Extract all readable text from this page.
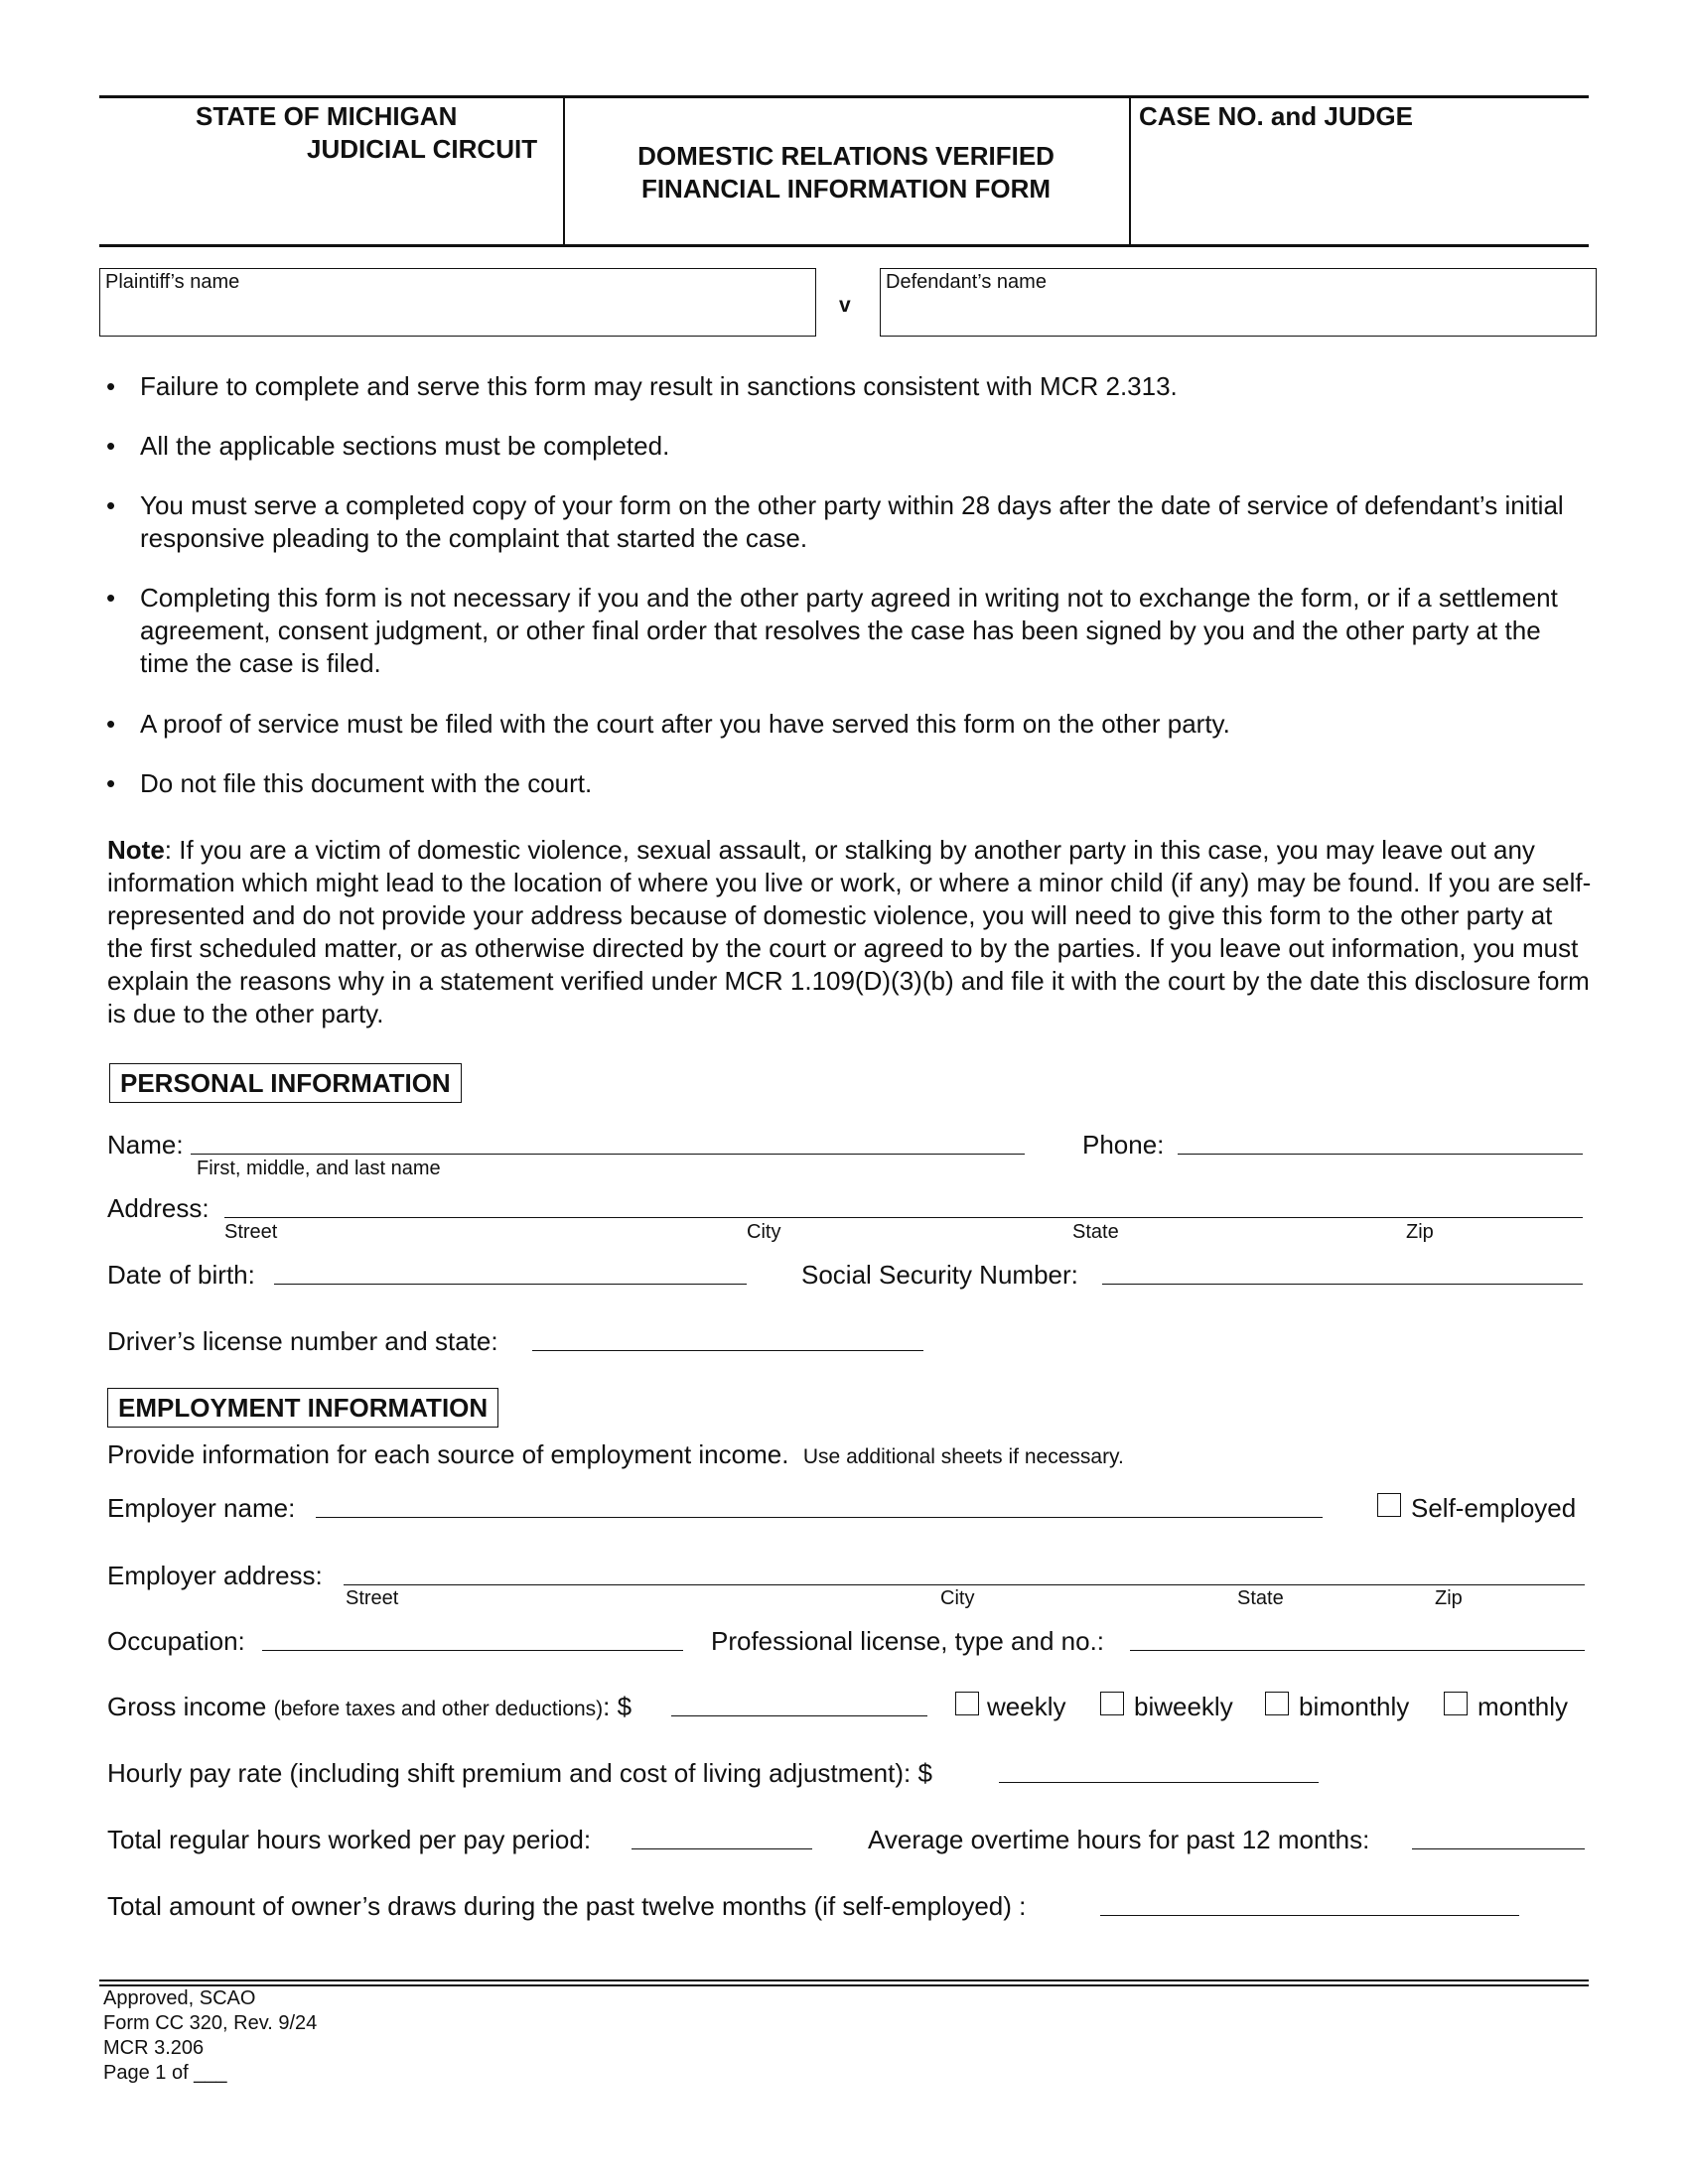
STATE OF MICHIGAN
JUDICIAL CIRCUIT	DOMESTIC RELATIONS VERIFIED
FINANCIAL INFORMATION FORM
CASE NO. and JUDGE
Plaintiff’s name
v
Defendant’s name
• Failure to complete and serve this form may result in sanctions consistent with MCR 2.313.
• All the applicable sections must be completed.
• You must serve a completed copy of your form on the other party within 28 days after the date of service of defendant’s initial responsive pleading to the complaint that started the case.
• Completing this form is not necessary if you and the other party agreed in writing not to exchange the form, or if a settlement agreement, consent judgment, or other final order that resolves the case has been signed by you and the other party at the time the case is filed.
• A proof of service must be filed with the court after you have served this form on the other party.
• Do not file this document with the court.
Note: If you are a victim of domestic violence, sexual assault, or stalking by another party in this case, you may leave out any information which might lead to the location of where you live or work, or where a minor child (if any) may be found. If you are self-represented and do not provide your address because of domestic violence, you will need to give this form to the other party at the first scheduled matter, or as otherwise directed by the court or agreed to by the parties. If you leave out information, you must explain the reasons why in a statement verified under MCR 1.109(D)(3)(b) and file it with the court by the date this disclosure form is due to the other party.
PERSONAL INFORMATION
Name:
First, middle, and last name
Phone:
Address:
Street	City	State	Zip
Date of birth:	Social Security Number:
Driver’s license number and state:
EMPLOYMENT INFORMATION
Provide information for each source of employment income. Use additional sheets if necessary.
Employer name:	Self-employed
Employer address:
Street	City	State	Zip
Occupation:	Professional license, type and no.:
Gross income (before taxes and other deductions): $	weekly	biweekly	bimonthly	monthly
Hourly pay rate (including shift premium and cost of living adjustment): $
Total regular hours worked per pay period:	Average overtime hours for past 12 months:
Total amount of owner’s draws during the past twelve months (if self-employed) :
Approved, SCAO
Form CC 320, Rev. 9/24
MCR 3.206
Page 1 of ___
